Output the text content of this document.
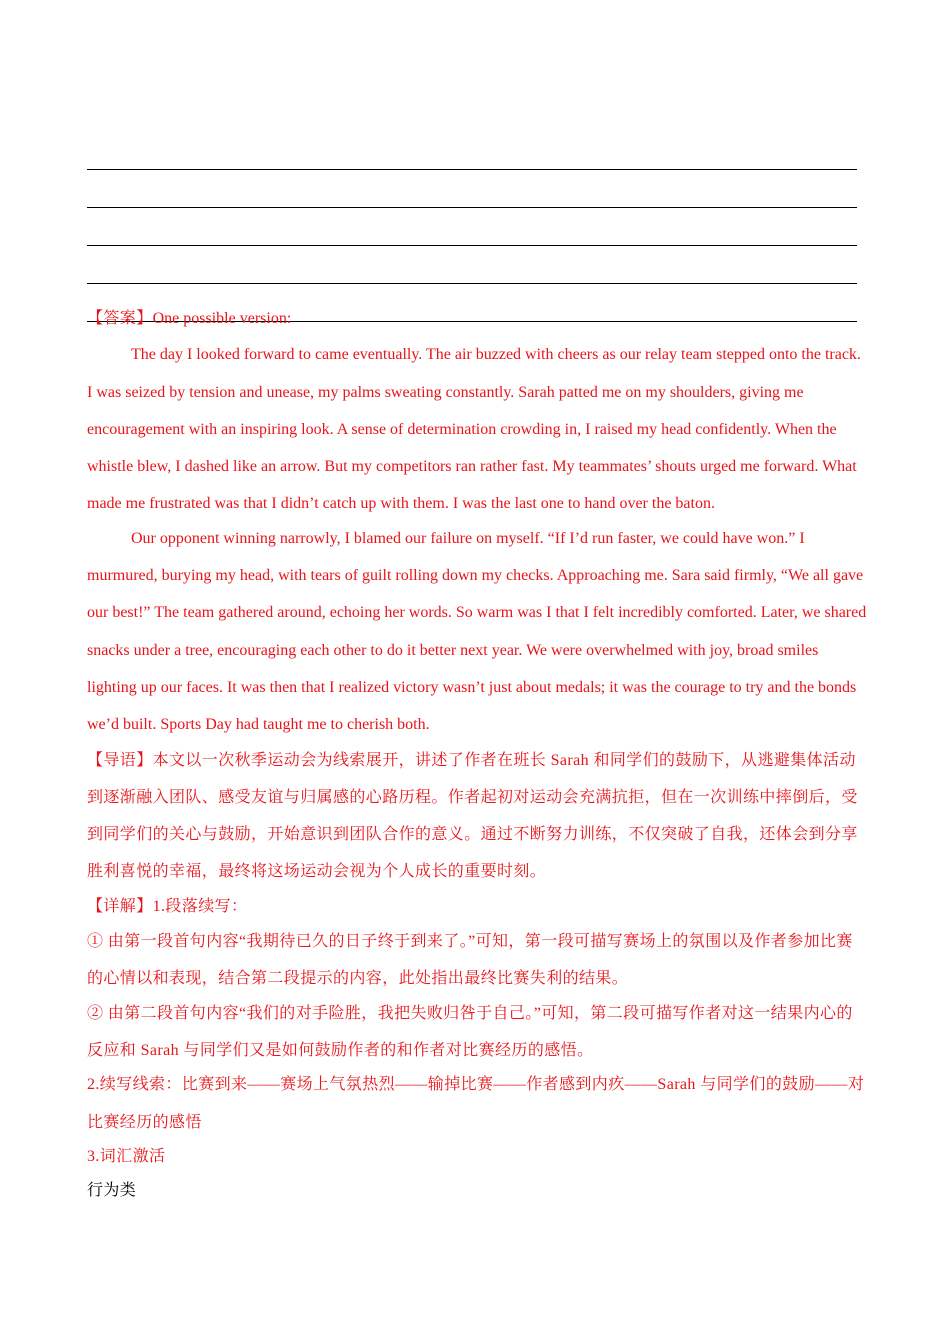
【答案】One possible version:

The day I looked forward to came eventually. The air buzzed with cheers as our relay team stepped onto the track. I was seized by tension and unease, my palms sweating constantly. Sarah patted me on my shoulders, giving me encouragement with an inspiring look. A sense of determination crowding in, I raised my head confidently. When the whistle blew, I dashed like an arrow. But my competitors ran rather fast. My teammates’ shouts urged me forward. What made me frustrated was that I didn’t catch up with them. I was the last one to hand over the baton.

Our opponent winning narrowly, I blamed our failure on myself. “If I’d run faster, we could have won.” I murmured, burying my head, with tears of guilt rolling down my checks. Approaching me. Sara said firmly, “We all gave our best!” The team gathered around, echoing her words. So warm was I that I felt incredibly comforted. Later, we shared snacks under a tree, encouraging each other to do it better next year. We were overwhelmed with joy, broad smiles lighting up our faces. It was then that I realized victory wasn’t just about medals; it was the courage to try and the bonds we’d built. Sports Day had taught me to cherish both.

【导语】本文以一次秋季运动会为线索展开，讲述了作者在班长 Sarah 和同学们的鼓励下，从逃避集体活动到逐渐融入团队、感受友谊与归属感的心路历程。作者起初对运动会充满抗拒，但在一次训练中摔倒后，受到同学们的关心与鼓励，开始意识到团队合作的意义。通过不断努力训练，不仅突破了自我，还体会到分享胜利喜悦的幸福，最终将这场运动会视为个人成长的重要时刻。

【详解】1.段落续写：

① 由第一段首句内容“我期待已久的日子终于到来了。”可知，第一段可描写赛场上的氛围以及作者参加比赛的心情以和表现，结合第二段提示的内容，此处指出最终比赛失利的结果。

② 由第二段首句内容“我们的对手险胜，我把失败归咎于自己。”可知，第二段可描写作者对这一结果内心的反应和 Sarah 与同学们又是如何鼓励作者的和作者对比赛经历的感悟。

2.续写线索：比赛到来——赛场上气氛热烈——输掉比赛——作者感到内疚——Sarah 与同学们的鼓励——对比赛经历的感悟

3.词汇激活

行为类
